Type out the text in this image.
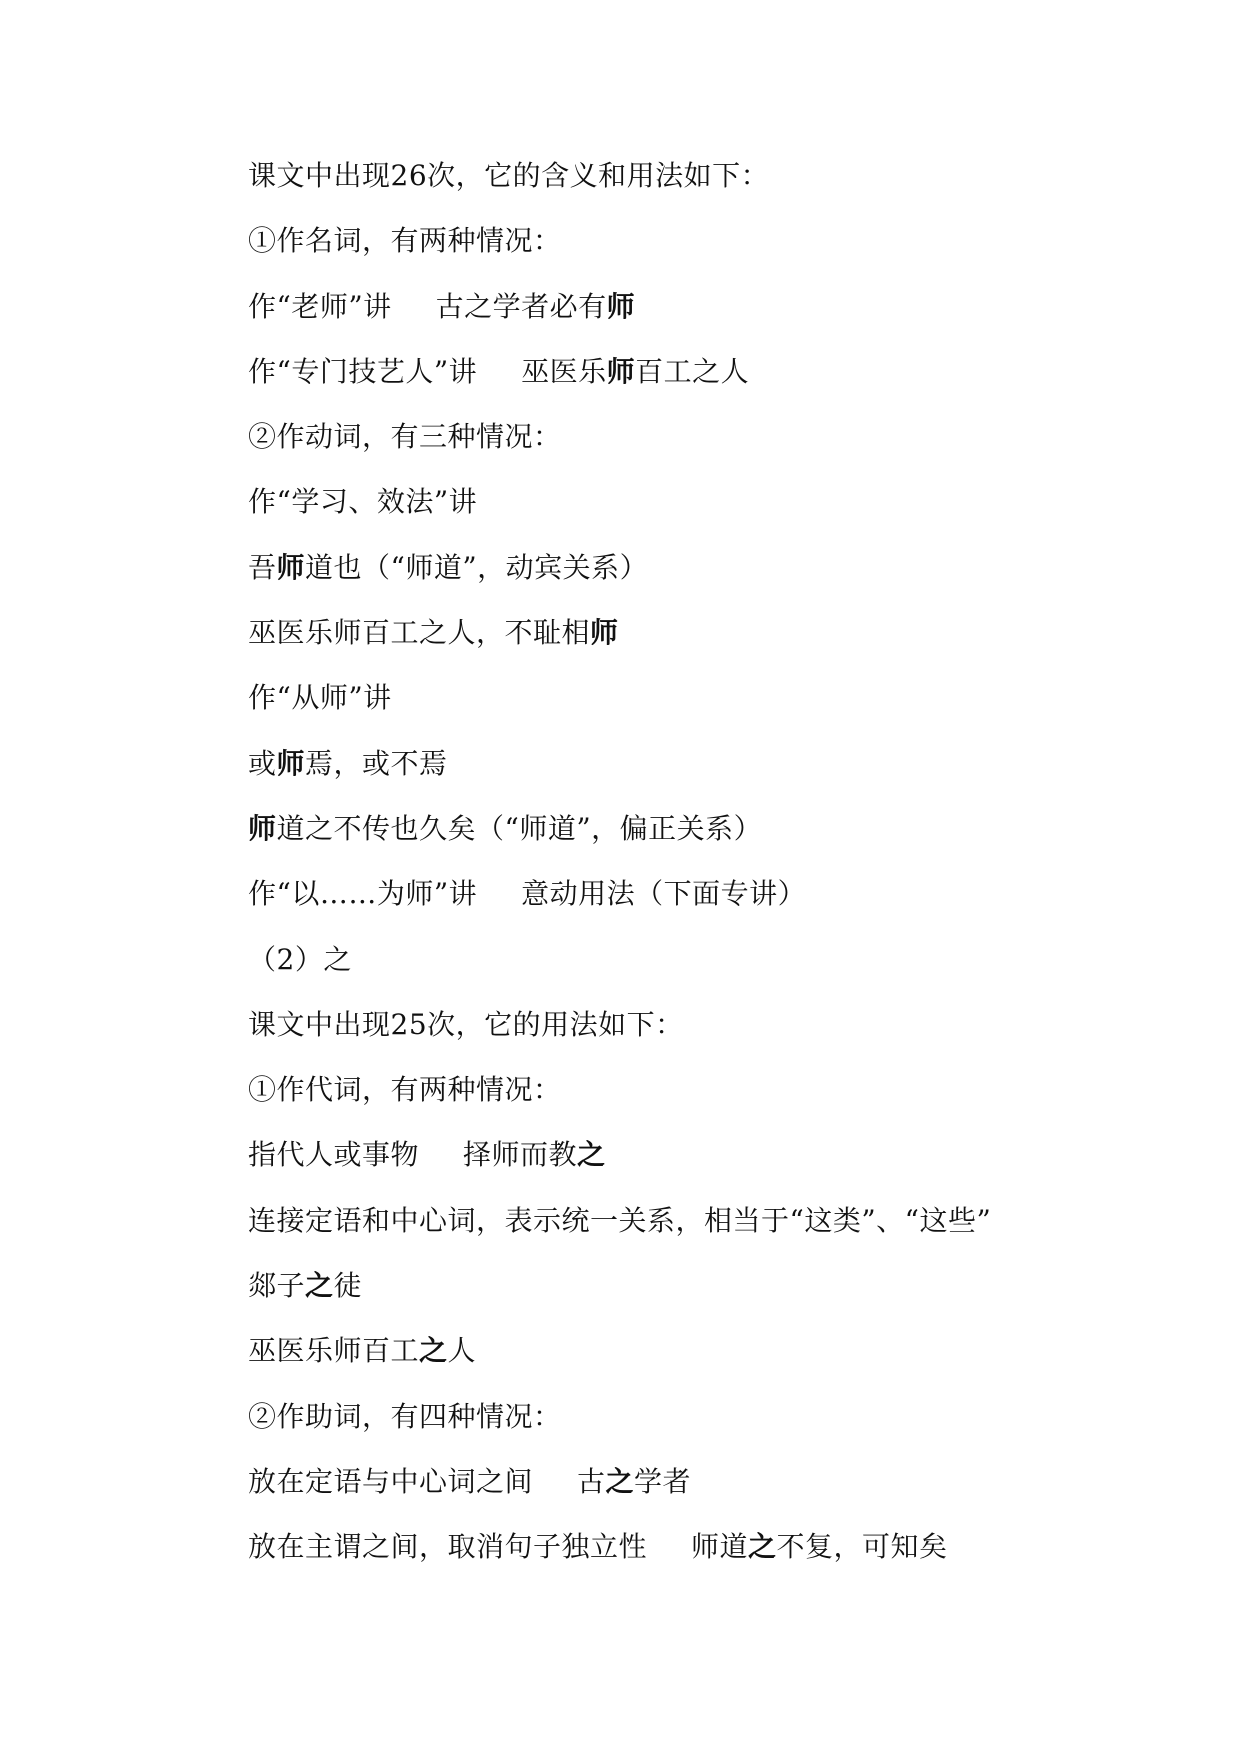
课文中出现26次，它的含义和用法如下：
①作名词，有两种情况：
作“老师”讲 古之学者必有师
作“专门技艺人”讲 巫医乐师百工之人
②作动词，有三种情况：
作“学习、效法”讲
吾师道也（“师道”，动宾关系）
巫医乐师百工之人，不耻相师
作“从师”讲
或师焉，或不焉
师道之不传也久矣（“师道”，偏正关系）
作“以……为师”讲 意动用法（下面专讲）
（2）之
课文中出现25次，它的用法如下：
①作代词，有两种情况：
指代人或事物 择师而教之
连接定语和中心词，表示统一关系，相当于“这类”、“这些”
郯子之徒
巫医乐师百工之人
②作助词，有四种情况：
放在定语与中心词之间 古之学者
放在主谓之间，取消句子独立性 师道之不复，可知矣
